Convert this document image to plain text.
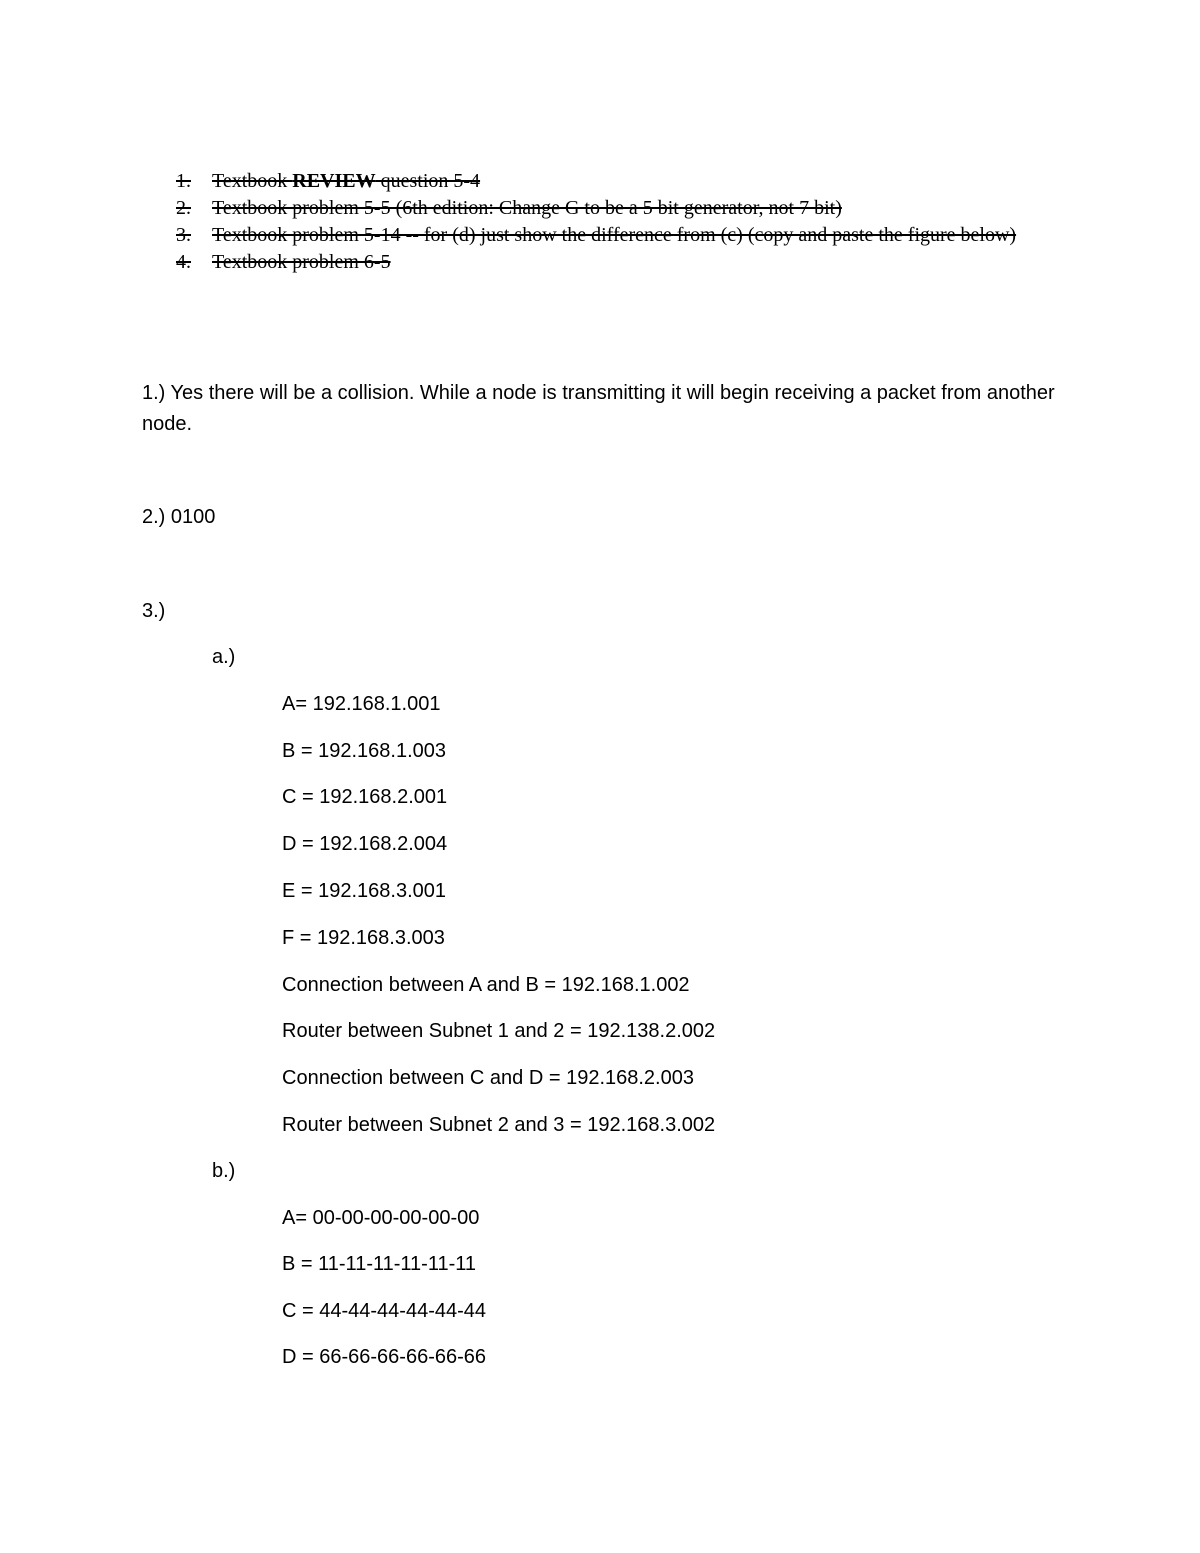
1. Textbook REVIEW question 5-4
2. Textbook problem 5-5 (6th edition: Change G to be a 5 bit generator, not 7 bit)
3. Textbook problem 5-14 -- for (d) just show the difference from (c) (copy and paste the figure below)
4. Textbook problem 6-5
1.) Yes there will be a collision. While a node is transmitting it will begin receiving a packet from another node.
2.) 0100
3.)
a.)
A= 192.168.1.001
B = 192.168.1.003
C = 192.168.2.001
D = 192.168.2.004
E = 192.168.3.001
F = 192.168.3.003
Connection between A and B = 192.168.1.002
Router between Subnet 1 and 2 = 192.138.2.002
Connection between C and D = 192.168.2.003
Router between Subnet 2 and 3 = 192.168.3.002
b.)
A= 00-00-00-00-00-00
B = 11-11-11-11-11-11
C = 44-44-44-44-44-44
D = 66-66-66-66-66-66
